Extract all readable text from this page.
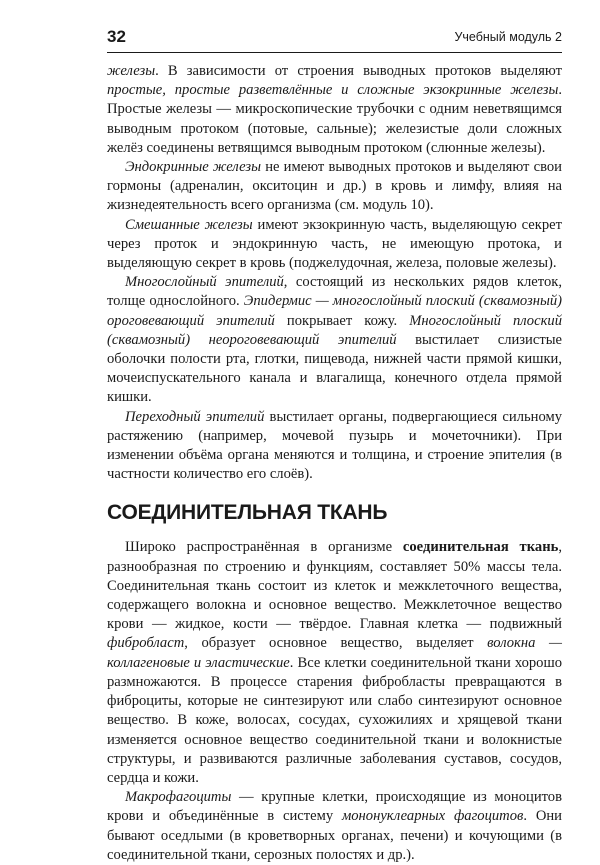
32	Учебный модуль 2

железы. В зависимости от строения выводных протоков выделяют простые, простые разветвлённые и сложные экзокринные железы. Простые железы — микроскопические трубочки с одним неветвящимся выводным протоком (потовые, сальные); железистые доли сложных желёз соединены ветвящимся выводным протоком (слюнные железы).

Эндокринные железы не имеют выводных протоков и выделяют свои гормоны (адреналин, окситоцин и др.) в кровь и лимфу, влияя на жизнедеятельность всего организма (см. модуль 10).

Смешанные железы имеют экзокринную часть, выделяющую секрет через проток и эндокринную часть, не имеющую протока, и выделяющую секрет в кровь (поджелудочная, железа, половые железы).

Многослойный эпителий, состоящий из нескольких рядов клеток, толще однослойного. Эпидермис — многослойный плоский (сквамозный) ороговевающий эпителий покрывает кожу. Многослойный плоский (сквамозный) неороговевающий эпителий выстилает слизистые оболочки полости рта, глотки, пищевода, нижней части прямой кишки, мочеиспускательного канала и влагалища, конечного отдела прямой кишки.

Переходный эпителий выстилает органы, подвергающиеся сильному растяжению (например, мочевой пузырь и мочеточники). При изменении объёма органа меняются и толщина, и строение эпителия (в частности количество его слоёв).

СОЕДИНИТЕЛЬНАЯ ТКАНЬ

Широко распространённая в организме соединительная ткань, разнообразная по строению и функциям, составляет 50% массы тела. Соединительная ткань состоит из клеток и межклеточного вещества, содержащего волокна и основное вещество. Межклеточное вещество крови — жидкое, кости — твёрдое. Главная клетка — подвижный фибробласт, образует основное вещество, выделяет волокна — коллагеновые и эластические. Все клетки соединительной ткани хорошо размножаются. В процессе старения фибробласты превращаются в фиброциты, которые не синтезируют или слабо синтезируют основное вещество. В коже, волосах, сосудах, сухожилиях и хрящевой ткани изменяется основное вещество соединительной ткани и волокнистые структуры, и развиваются различные заболевания суставов, сосудов, сердца и кожи.

Макрофагоциты — крупные клетки, происходящие из моноцитов крови и объединённые в систему мононуклеарных фагоцитов. Они бывают оседлыми (в кроветворных органах, печени) и кочующими (в соединительной ткани, серозных полостях и др.).
